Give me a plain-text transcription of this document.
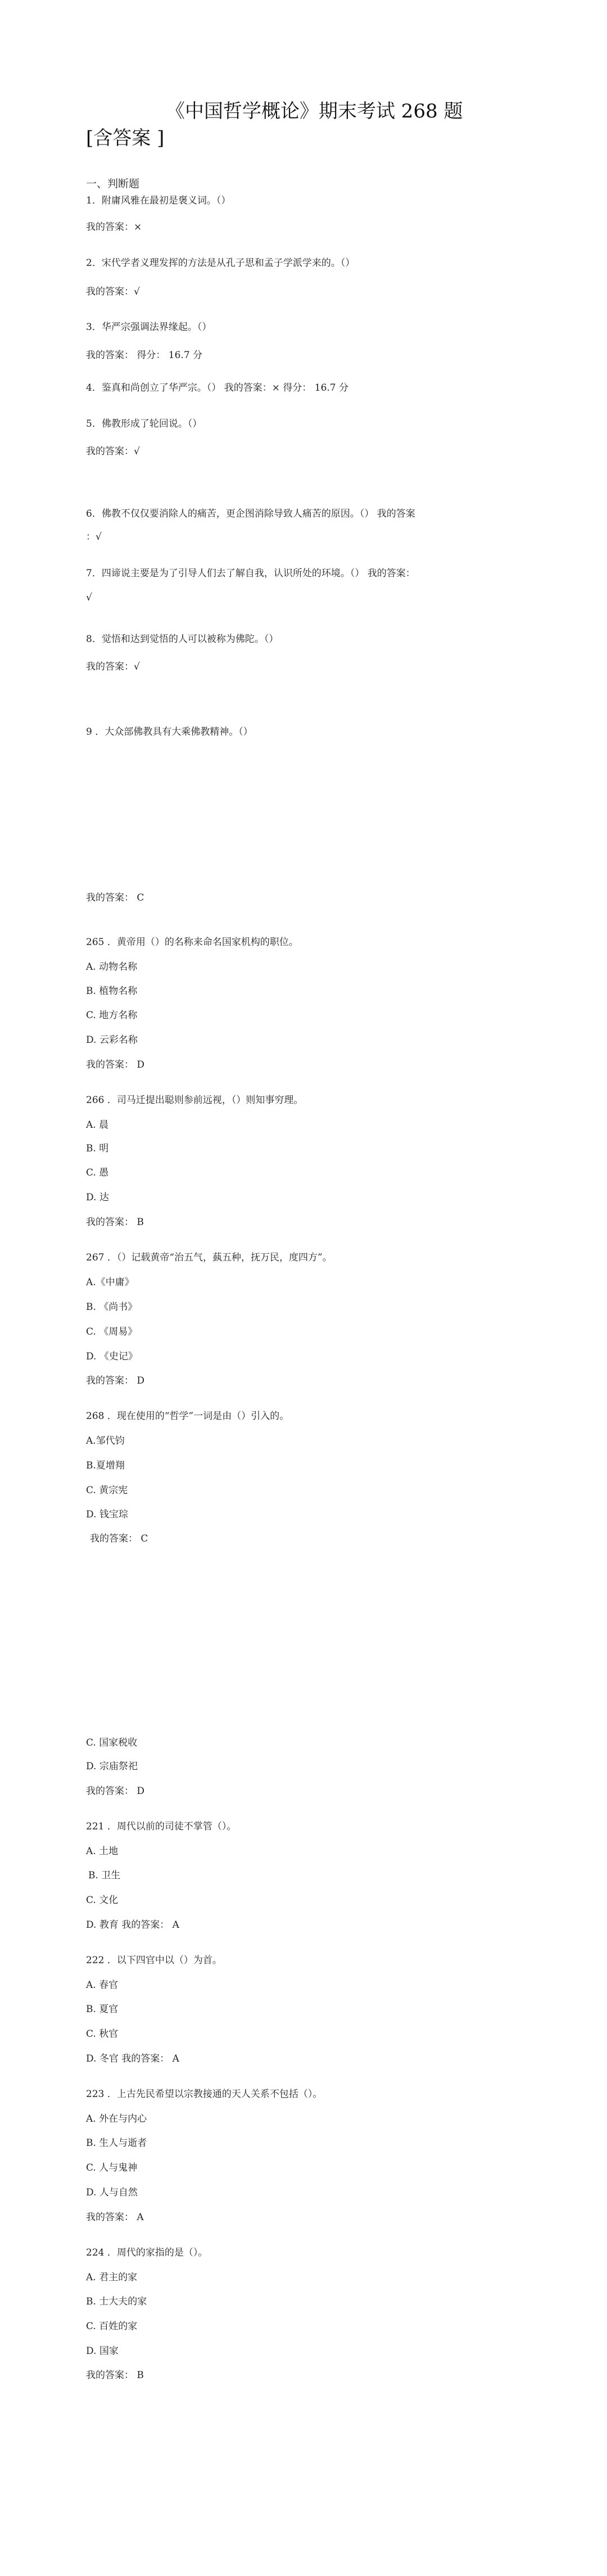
《中国哲学概论》期末考试 268 题
[含答案 ]
一、判断题
1．附庸风雅在最初是褒义词。（）
我的答案：×
2．宋代学者义理发挥的方法是从孔子思和孟子学派学来的。（）
我的答案：√
3．华严宗强调法界缘起。（）
我的答案： 得分： 16.7 分
4．鉴真和尚创立了华严宗。（） 我的答案：× 得分： 16.7 分
5．佛教形成了轮回说。（）
我的答案：√
6．佛教不仅仅要消除人的痛苦，更企图消除导致人痛苦的原因。（） 我的答案
：√
7．四谛说主要是为了引导人们去了解自我，认识所处的环境。（） 我的答案：
√
8．觉悟和达到觉悟的人可以被称为佛陀。（）
我的答案：√
9 ．大众部佛教具有大乘佛教精神。（）
我的答案： C
265 ．黄帝用（）的名称来命名国家机构的职位。
A. 动物名称
B. 植物名称
C. 地方名称
D. 云彩名称
我的答案： D
266 ．司马迁提出聪则参前远视，（）则知事穷理。
A. 晨
B. 明
C. 愚
D. 达
我的答案： B
267 ．（）记载黄帝“治五气，蓺五种，抚万民，度四方”。
A.《中庸》
B. 《尚书》
C. 《周易》
D. 《史记》
我的答案： D
268 ．现在使用的“哲学”一词是由（）引入的。
A.邹代钧
B.夏增翔
C. 黄宗宪
D. 钱宝琮
我的答案： C
C. 国家税收
D. 宗庙祭祀
我的答案： D
221 ．周代以前的司徒不掌管（）。
A. 土地
B. 卫生
C. 文化
D. 教育 我的答案： A
222 ．以下四官中以（）为首。
A. 春官
B. 夏官
C. 秋官
D. 冬官 我的答案： A
223 ．上古先民希望以宗教接通的天人关系不包括（）。
A. 外在与内心
B. 生人与逝者
C. 人与鬼神
D. 人与自然
我的答案： A
224 ．周代的家指的是（）。
A. 君主的家
B. 士大夫的家
C. 百姓的家
D. 国家
我的答案： B
